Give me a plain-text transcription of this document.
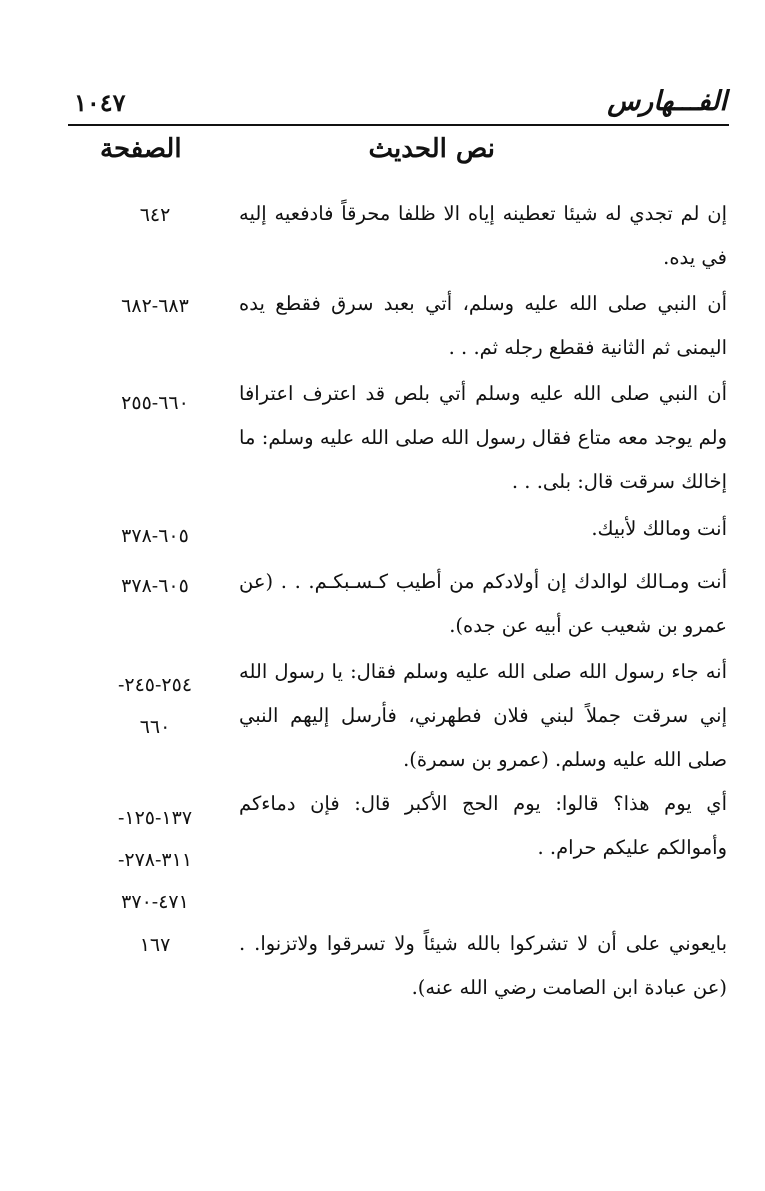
الفـــهارس
١٠٤٧
نص الحديث
الصفحة
إن لم تجدي له شيئا تعطينه إياه الا ظلفا محرقاً فادفعيه إليه في يده.
٦٤٢
أن النبي صلى الله عليه وسلم، أتي بعبد سرق فقطع يده اليمنى ثم الثانية فقطع رجله ثم. . .
٦٨٣-٦٨٢
أن النبي صلى الله عليه وسلم أتي بلص قد اعترف اعترافا ولم يوجد معه متاع فقال رسول الله صلى الله عليه وسلم: ما إخالك سرقت قال: بلى. . .
٦٦٠-٢٥٥
أنت ومالك لأبيك.
٦٠٥-٣٧٨
أنت ومـالك لوالدك إن أولادكم من أطيب كـسـبكـم. . . (عن عمرو بن شعيب عن أبيه عن جده).
٦٠٥-٣٧٨
أنه جاء رسول الله صلى الله عليه وسلم فقال: يا رسول الله إني سرقت جملاً لبني فلان فطهرني، فأرسل إليهم النبي صلى الله عليه وسلم. (عمرو بن سمرة).
-٢٥٤-٢٤٥
٦٦٠
أي يوم هذا؟ قالوا: يوم الحج الأكبر قال: فإن دماءكم وأموالكم عليكم حرام. .
-١٣٧-١٢٥
-٣١١-٢٧٨
٤٧١-٣٧٠
بايعوني على أن لا تشركوا بالله شيئاً ولا تسرقوا ولاتزنوا. . (عن عبادة ابن الصامت رضي الله عنه).
١٦٧
